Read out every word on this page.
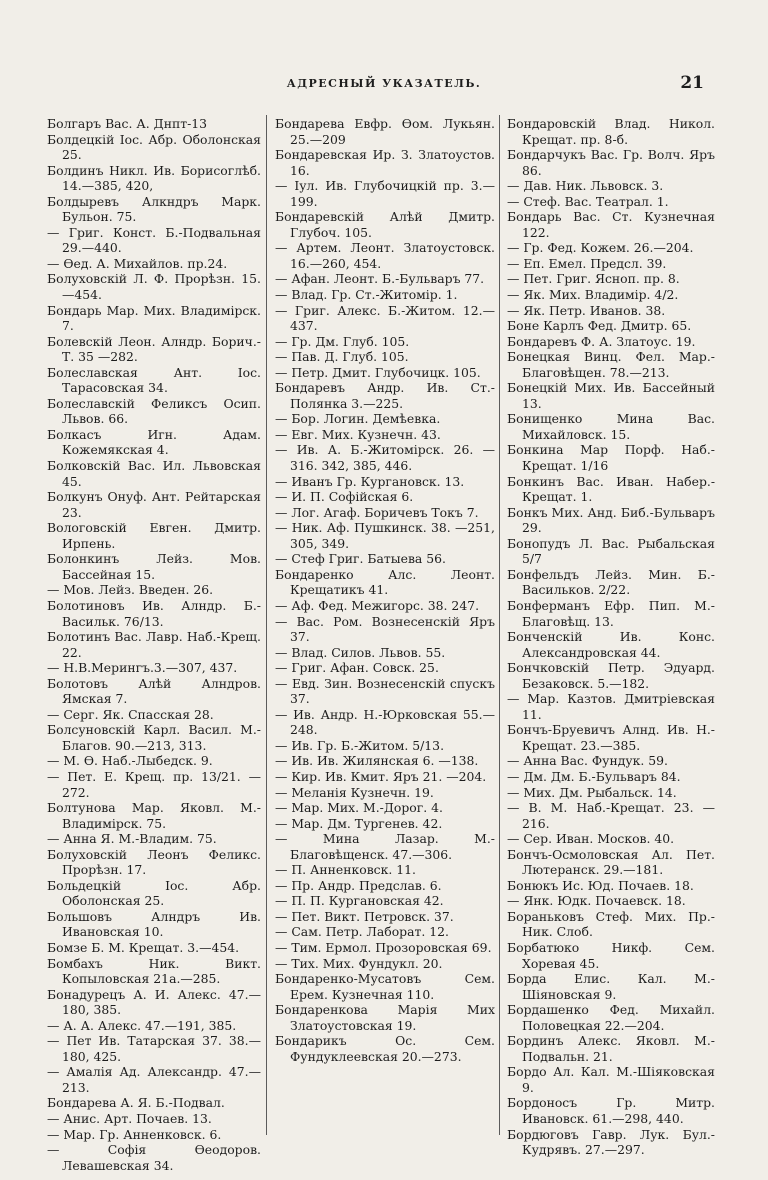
АДРЕСНЫЙ УКАЗАТЕЛЬ.	21

Болгаръ Вас. А. Днпт-13

Болдецкій Іос. Абр. Оболонская 25.

Болдинъ Никл. Ив. Борисоглѣб. 14.—385, 420,

Болдыревъ Алкндръ Марк. Бульон. 75.

— Григ. Конст. Б.-Подвальная 29.—440.

— Ѳед. А. Михайлов. пр.24.

Болуховскій Л. Ф. Прорѣзн. 15.—454.

Бондарь Мар. Мих. Владимірск. 7.

Болевскій Леон. Алндр. Борич.-Т. 35 —282.

Болеславская Ант. Іос. Тарасовская 34.

Болеславскій Феликсъ Осип. Львов. 66.

Болкасъ Игн. Адам. Кожемякская 4.

Болковскій Вас. Ил. Львовская 45.

Болкунъ Онуф. Ант. Рейтарская 23.

Вологовскій Евген. Дмитр. Ирпень.

Болонкинъ Лейз. Мов. Бассейная 15.

— Мов. Лейз. Введен. 26.

Болотиновъ Ив. Алндр. Б.-Васильк. 76/13.

Болотинъ Вас. Лавр. Наб.-Крещ. 22.

— Н.В.Мерингъ.3.—307, 437.

Болотовъ Алѣй Алндров. Ямская 7.

— Серг. Як. Спасская 28.

Болсуновскій Карл. Васил. М.-Благов. 90.—213, 313.

— М. Ѳ. Наб.-Лыбедск. 9.

— Пет. Е. Крещ. пр. 13/21. —272.

Болтунова Мар. Яковл. М.-Владимірск. 75.

— Анна Я. М.-Владим. 75.

Болуховскій Леонъ Феликс. Прорѣзн. 17.

Больдецкій Іос. Абр. Оболонская 25.

Большовъ Алндръ Ив. Ивановская 10.

Бомзе Б. М. Крещат. 3.—454.

Бомбахъ Ник. Викт. Копыловская 21а.—285.

Бонадурецъ А. И. Алекс. 47.—180, 385.

— А. А. Алекс. 47.—191, 385.

— Пет Ив. Татарская 37. 38.—180, 425.

— Амалія Ад. Александр. 47.—213.

Бондарева А. Я. Б.-Подвал.

— Анис. Арт. Почаев. 13.

— Мар. Гр. Анненковск. 6.

— Софія Ѳеодоров. Левашевская 34.

Бондарева Евфр. Ѳом. Лукьян. 25.—209

Бондаревская Ир. З. Златоустов. 16.

— Іул. Ив. Глубочицкій пр. 3.—199.

Бондаревскій Алѣй Дмитр. Глубоч. 105.

— Артем. Леонт. Златоустовск. 16.—260, 454.

— Афан. Леонт. Б.-Бульваръ 77.

— Влад. Гр. Ст.-Житомір. 1.

— Григ. Алекс. Б.-Житом. 12.—437.

— Гр. Дм. Глуб. 105.

— Пав. Д. Глуб. 105.

— Петр. Дмит. Глубочицк. 105.

Бондаревъ Андр. Ив. Ст.-Полянка 3.—225.

— Бор. Логин. Демѣевка.

— Евг. Мих. Кузнечн. 43.

— Ив. А. Б.-Житомірск. 26. —316. 342, 385, 446.

— Иванъ Гр. Кургановск. 13.

— И. П. Софійская 6.

— Лог. Агаф. Боричевъ Токъ 7.

— Ник. Аф. Пушкинск. 38. —251, 305, 349.

— Стеф Григ. Батыева 56.

Бондаренко Алс. Леонт. Крещатикъ 41.

— Аф. Фед. Межигорс. 38. 247.

— Вас. Ром. Вознесенскій Яръ 37.

— Влад. Силов. Львов. 55.

— Григ. Афан. Совск. 25.

— Евд. Зин. Вознесенскій спускъ 37.

— Ив. Андр. Н.-Юрковская 55.—248.

— Ив. Гр. Б.-Житом. 5/13.

— Ив. Ив. Жилянская 6. —138.

— Кир. Ив. Кмит. Яръ 21. —204.

— Меланія Кузнечн. 19.

— Мар. Мих. М.-Дорог. 4.

— Мар. Дм. Тургенев. 42.

— Мина Лазар. М.-Благовѣщенск. 47.—306.

— П. Анненковск. 11.

— Пр. Андр. Предслав. 6.

— П. П. Кургановская 42.

— Пет. Викт. Петровск. 37.

— Сам. Петр. Лаборат. 12.

— Тим. Ермол. Прозоровская 69.

— Тих. Мих. Фундукл. 20.

Бондаренко-Мусатовъ Сем. Ерем. Кузнечная 110.

Бондаренкова Марія Мих Златоустовская 19.

Бондарикъ Ос. Сем. Фундуклеевская 20.—273.

Бондаровскій Влад. Никол. Крещат. пр. 8-б.

Бондарчукъ Вас. Гр. Волч. Яръ 86.

— Дав. Ник. Львовск. 3.

— Стеф. Вас. Театрал. 1.

Бондарь Вас. Ст. Кузнечная 122.

— Гр. Фед. Кожем. 26.—204.

— Еп. Емел. Предсл. 39.

— Пет. Григ. Ясноп. пр. 8.

— Як. Мих. Владимір. 4/2.

— Як. Петр. Иванов. 38.

Боне Карлъ Фед. Дмитр. 65.

Бондаревъ Ф. А. Златоус. 19.

Бонецкая Винц. Фел. Мар.-Благовѣщен. 78.—213.

Бонецкій Мих. Ив. Бассейный 13.

Бонищенко Мина Вас. Михайловск. 15.

Бонкина Мар Порф. Наб.-Крещат. 1/16

Бонкинъ Вас. Иван. Набер.-Крещат. 1.

Бонкъ Мих. Анд. Биб.-Бульваръ 29.

Бонопудъ Л. Вас. Рыбальская 5/7

Бонфельдъ Лейз. Мин. Б.-Васильков. 2/22.

Бонферманъ Ефр. Пип. М.-Благовѣщ. 13.

Бонченскій Ив. Конс. Александровская 44.

Бончковскій Петр. Эдуард. Безаковск. 5.—182.

— Мар. Казтов. Дмитріевская 11.

Бончъ-Бруевичъ Алнд. Ив. Н.-Крещат. 23.—385.

— Анна Вас. Фундук. 59.

— Дм. Дм. Б.-Бульваръ 84.

— Мих. Дм. Рыбальск. 14.

— В. М. Наб.-Крещат. 23. —216.

— Сер. Иван. Москов. 40.

Бончъ-Осмоловская Ал. Пет. Лютеранск. 29.—181.

Бонюкъ Ис. Юд. Почаев. 18.

— Янк. Юдк. Почаевск. 18.

Бораньковъ Стеф. Мих. Пр.-Ник. Слоб.

Борбатюко Никф. Сем. Хоревая 45.

Борда Елис. Кал. М.-Шіяновская 9.

Бордашенко Фед. Михайл. Половецкая 22.—204.

Бординъ Алекс. Яковл. М.-Подвальн. 21.

Бордо Ал. Кал. М.-Шіяковская 9.

Бордоносъ Гр. Митр. Ивановск. 61.—298, 440.

Бордюговъ Гавр. Лук. Бул.-Кудрявъ. 27.—297.
